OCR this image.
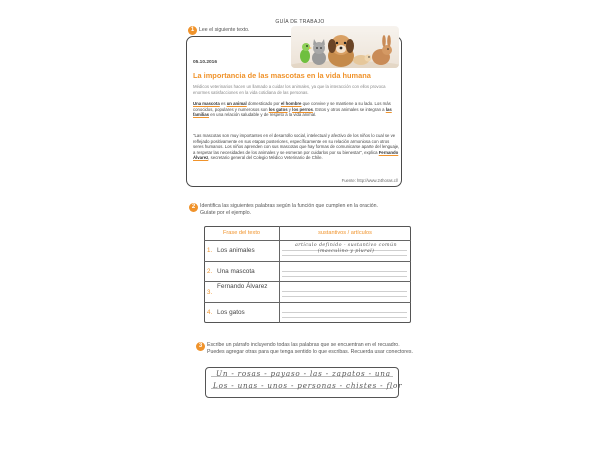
GUÍA DE TRABAJO
1 Lee el siguiente texto.
05.10.2016
La importancia de las mascotas en la vida humana
Médicos veterinarios hacen un llamado a cuidar los animales, ya que la interacción con ellos provoca enormes satisfacciones en la vida cotidiana de las personas.
Una mascota es un animal domesticado por el hombre que convive y se mantiene a su lado. Los más conocidos, populares y numerosos son los gatos y los perros. Estos y otros animales se integran a las familias en una relación saludable y de respeto a la vida animal.
"Las mascotas son muy importantes en el desarrollo social, intelectual y afectivo de los niños lo cual se ve reflejado positivamente en sus etapas posteriores, específicamente en su relación armoniosa con otros seres humanos. Los niños aprenden con sus mascotas que hay formas de comunicarse aparte del lenguaje, a respetar las necesidades de los animales y se esmeran por cuidarlos por su bienestar", explica Fernando Álvarez, secretario general del Colegio Médico Veterinario de Chile.
Fuente: http://www.24horas.cl/
2 Identifica las siguientes palabras según la función que cumplen en la oración.
Guíate por el ejemplo.
Frase del texto	sustantivos / artículos
1. Los animales
artículo definido - sustantivo común
(masculino y plural)
2. Una mascota
3.
Fernando Álvarez
4. Los gatos
3 Escribe un párrafo incluyendo todas las palabras que se encuentran en el recuadro.
Puedes agregar otras para que tenga sentido lo que escribas. Recuerda usar conectores.
Un - rosas - payaso - las - zapatos - una
Los - unas - unos - personas - chistes - flor
